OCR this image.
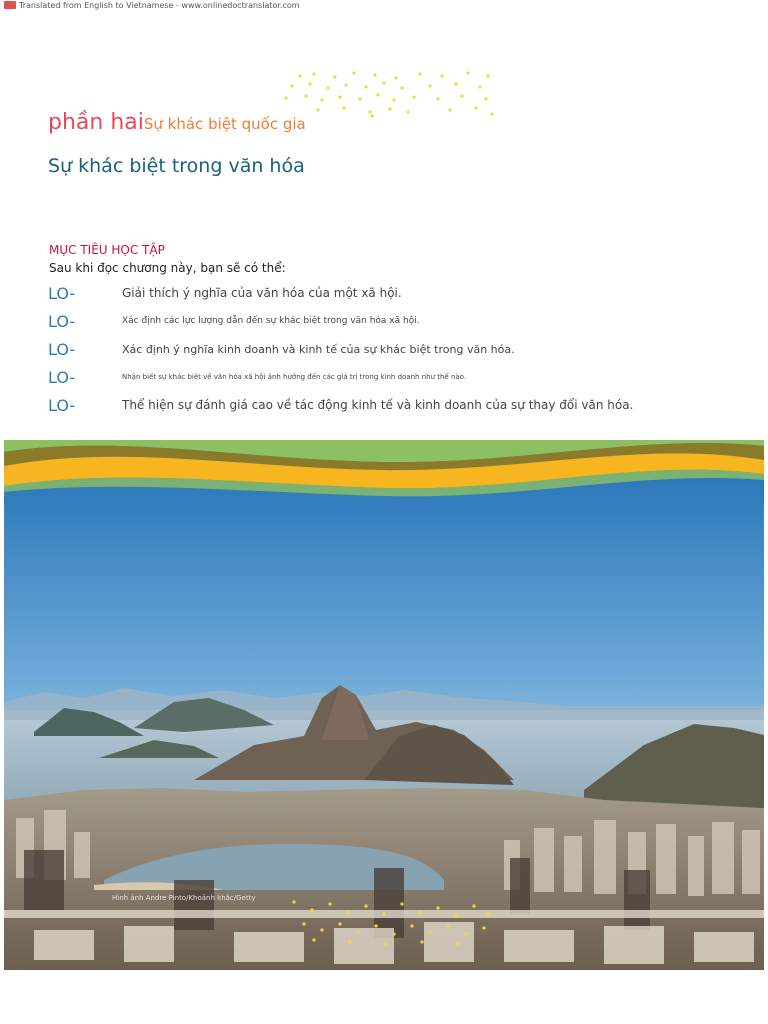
Translated from English to Vietnamese - www.onlinedoctranslator.com
phần haiSự khác biệt quốc gia
Sự khác biệt trong văn hóa
MỤC TIÊU HỌC TẬP
Sau khi đọc chương này, bạn sẽ có thể:
LO-	Giải thích ý nghĩa của văn hóa của một xã hội.
LO-	Xác định các lực lượng dẫn đến sự khác biệt trong văn hóa xã hội.
LO-	Xác định ý nghĩa kinh doanh và kinh tế của sự khác biệt trong văn hóa.
LO-	Nhận biết sự khác biệt về văn hóa xã hội ảnh hưởng đến các giá trị trong kinh doanh như thế nào.
LO-	Thể hiện sự đánh giá cao về tác động kinh tế và kinh doanh của sự thay đổi văn hóa.
Hình ảnh Andre Pinto/Khoảnh khắc/Getty
